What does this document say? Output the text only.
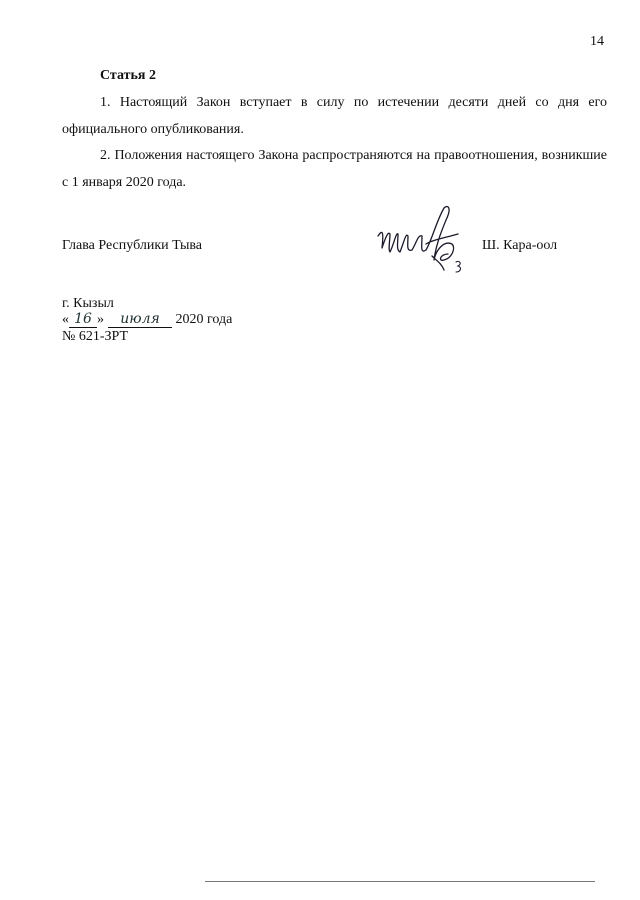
14
Статья 2
1. Настоящий Закон вступает в силу по истечении десяти дней со дня его официального опубликования.
2. Положения настоящего Закона распространяются на правоотношения, возникшие с 1 января 2020 года.
Глава Республики Тыва	Ш. Кара-оол
г. Кызыл
« 16 » июля 2020 года
№ 621-ЗРТ
